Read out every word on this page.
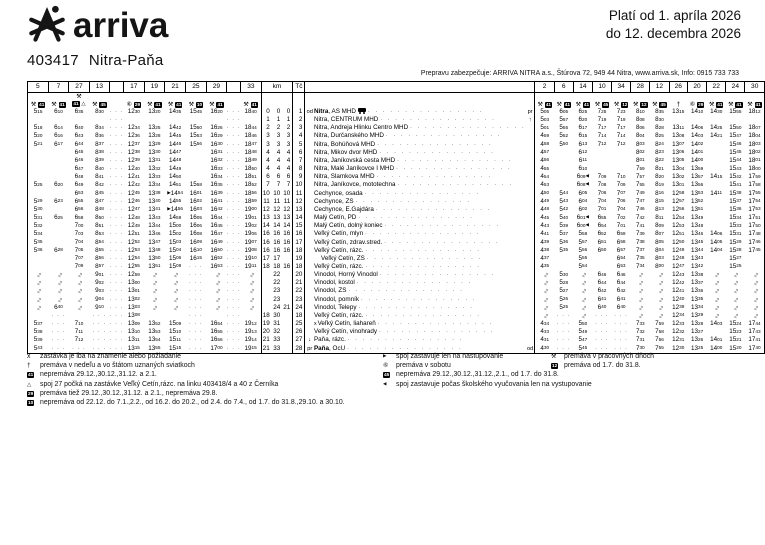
arriva
403417 Nitra-Paňa
Platí od 1. apríla 2026
do 12. decembra 2026
Prepravu zabezpečuje: ARRIVA NITRA a.s., Štúrova 72, 949 44 Nitra, www.arriva.sk, Info: 0915 733 733
5	7	27	13		17	19	21	25	29		33	km			Tč				2	6	14	10	34	28	12	26	20	22	24	30
⚒ 41	⚒ 41	⚒
41 △	⚒ 45		⑥ 29	⚒ 41	⚒ 41	⚒ 10	⚒ 41		⚒ 41								⚒ 41	⚒ 41	⚒ 41	⚒ 45	⚒ 12	⚒ 12	⚒ 45	†	⑥ 29	⚒ 41	⚒ 41	⚒ 41
$5^{15}$	$6^{10}$	$6^{35}$	$8^{30}$	· · ·	$12^{30}$	$13^{20}$	$14^{35}$	$15^{45}$	$16^{20}$	· · ·	$18^{40}$	0	0	0	1	od	Nitra, AS MHD · · · · · · · · · · · · · · · ·	pr	$5^{05}$	$6^{05}$	$6^{25}$	$7^{25}$	$7^{23}$	$8^{10}$	$8^{35}$	$13^{15}$	$14^{10}$	$14^{30}$	$15^{55}$	$18^{12}$
				· · ·						· · ·		1	1	1	2		Nitra, CENTRUM MHD · · · · · · · · · · · · · · · ·	↑	$5^{03}$	$5^{57}$	$6^{20}$	$7^{19}$	$7^{19}$	$8^{08}$	$8^{30}$					
$5^{18}$	$6^{14}$	$6^{40}$	$8^{34}$	· · ·	$12^{34}$	$13^{25}$	$14^{42}$	$15^{50}$	$16^{26}$	· · ·	$18^{44}$	2	2	2	3		Nitra, Andreja Hlinku Centro MHD · · · · · · · · · · · · · · · ·		$5^{01}$	$5^{55}$	$6^{17}$	$7^{17}$	$7^{17}$	$8^{06}$	$8^{28}$	$13^{11}$	$14^{06}$	$14^{25}$	$15^{50}$	$18^{07}$
$5^{20}$	$6^{16}$	$6^{43}$	$8^{36}$	· · ·	$12^{36}$	$13^{28}$	$14^{45}$	$15^{53}$	$16^{29}$	· · ·	$18^{46}$	3	3	3	4		Nitra, Ďurčanského MHD · · · · · · · · · · · · · · · ·		$4^{59}$	$5^{52}$	$6^{15}$	$7^{14}$	$7^{14}$	$8^{04}$	$8^{25}$	$13^{08}$	$14^{03}$	$14^{21}$	$15^{47}$	$18^{04}$
$5^{21}$	$6^{17}$	$6^{44}$	$8^{37}$	· · ·	$12^{37}$	$13^{29}$	$14^{46}$	$15^{56}$	$16^{30}$	· · ·	$18^{47}$	3	3	3	5		Nitra, Bohúňová MHD · · · · · · · · · · · · · · · ·		$4^{58}$	$5^{50}$	$6^{13}$	$7^{12}$	$7^{12}$	$8^{03}$	$8^{24}$	$13^{07}$	$14^{02}$		$15^{46}$	$18^{03}$
		$6^{45}$	$8^{38}$	· · ·	$12^{38}$	$13^{30}$	$14^{47}$		$16^{31}$	· · ·	$18^{48}$	4	4	4	6		Nitra, Mikov dvor MHD · · · · · · · · · · · · · · · ·		$4^{57}$		$6^{12}$			$8^{02}$	$8^{23}$	$13^{06}$	$14^{01}$		$15^{45}$	$18^{02}$
		$6^{46}$	$8^{39}$	· · ·	$12^{39}$	$13^{31}$	$14^{48}$		$16^{32}$	· · ·	$18^{49}$	4	4	4	7		Nitra, Janíkovská cesta MHD · · · · · · · · · · · · · · · ·		$4^{56}$		$6^{11}$			$8^{01}$	$8^{22}$	$13^{05}$	$14^{00}$		$15^{44}$	$18^{01}$
		$6^{47}$	$8^{40}$	· · ·	$12^{40}$	$13^{32}$	$14^{49}$		$16^{33}$	· · ·	$18^{50}$	4	4	4	8		Nitra, Malé Janíkovce I MHD · · · · · · · · · · · · · · · ·		$4^{55}$		$6^{10}$			$7^{59}$	$8^{21}$	$13^{04}$	$13^{59}$		$15^{43}$	$18^{00}$
		$6^{48}$	$8^{41}$	· · ·	$12^{41}$	$13^{33}$	$14^{50}$		$16^{34}$	· · ·	$18^{51}$	6	6	6	9		Nitra, Slamkova MHD · · · · · · · · · · · · · · · ·		$4^{54}$		$6^{09}◀$	$7^{09}$	$7^{10}$	$7^{57}$	$8^{20}$	$13^{02}$	$13^{57}$	$14^{15}$	$15^{42}$	$17^{59}$
$5^{25}$	$6^{20}$	$6^{49}$	$8^{42}$	· · ·	$12^{42}$	$13^{34}$	$14^{51}$	$15^{58}$	$16^{35}$	· · ·	$18^{52}$	7	7	7	10		Nitra, Janíkovce, mototechna · · · · · · · · · · · · · · · ·		$4^{53}$		$6^{08}◀$	$7^{08}$	$7^{09}$	$7^{55}$	$8^{19}$	$13^{01}$	$13^{56}$		$15^{41}$	$17^{58}$
		$6^{53}$	$8^{45}$	· · ·	$12^{45}$	$13^{38}$	$▶14^{54}$	$16^{01}$	$16^{39}$	· · ·	$18^{56}$	10	10	10	11		Čechynce, osada · · · · · · · · · · · · · · · ·		$4^{50}$	$5^{44}$	$6^{05}$	$7^{06}$	$7^{07}$	$7^{49}$	$8^{16}$	$12^{58}$	$13^{53}$	$14^{11}$	$15^{38}$	$17^{55}$
$5^{29}$	$6^{23}$	$6^{55}$	$8^{47}$	· · ·	$12^{46}$	$13^{40}$	$14^{55}$	$16^{02}$	$16^{41}$	· · ·	$18^{59}$	11	11	11	12		Čechynce, ZŠ · · · · · · · · · · · · · · · ·		$4^{49}$	$5^{43}$	$6^{04}$	$7^{04}$	$7^{06}$	$7^{47}$	$8^{15}$	$12^{57}$	$13^{52}$		$15^{37}$	$17^{54}$
$5^{30}$		$6^{56}$	$8^{48}$	· · ·	$12^{47}$	$13^{41}$	$▶14^{56}$	$16^{03}$	$16^{42}$	· · ·	$19^{00}$	12	12	12	13		Čechynce, E.Gajdára · · · · · · · · · · · · · · · ·		$4^{48}$	$5^{42}$	$6^{02}$	$7^{01}$	$7^{04}$	$7^{46}$	$8^{13}$	$12^{56}$	$13^{51}$		$15^{36}$	$17^{53}$
$5^{31}$	$6^{25}$	$6^{58}$	$8^{50}$	· · ·	$12^{48}$	$13^{43}$	$14^{59}$	$16^{05}$	$16^{44}$	· · ·	$19^{01}$	13	13	13	14		Malý Cetín, PD · · · · · · · · · · · · · · · ·		$4^{45}$	$5^{40}$	$6^{01}◀$	$6^{55}$	$7^{02}$	$7^{42}$	$8^{11}$	$12^{54}$	$13^{49}$		$15^{34}$	$17^{51}$
$5^{32}$		$7^{00}$	$8^{51}$	· · ·	$12^{49}$	$13^{44}$	$15^{00}$	$16^{06}$	$16^{45}$	· · ·	$19^{02}$	14	14	14	15		Malý Cetín, dolný koniec · · · · · · · · · · · · · · · ·		$4^{43}$	$5^{39}$	$6^{00}◀$	$6^{54}$	$7^{01}$	$7^{41}$	$8^{09}$	$12^{53}$	$13^{48}$		$15^{33}$	$17^{50}$
$5^{34}$		$7^{03}$	$8^{53}$	· · ·	$12^{51}$	$13^{46}$	$15^{02}$	$16^{08}$	$16^{47}$	· · ·	$19^{06}$	16	16	16	16		Veľký Cetín, mlyn · · · · · · · · · · · · · · · ·		$4^{41}$	$5^{37}$	$5^{58}$	$6^{52}$	$6^{59}$	$7^{39}$	$8^{07}$	$12^{51}$	$13^{46}$	$14^{06}$	$15^{31}$	$17^{48}$
$5^{35}$		$7^{04}$	$8^{54}$	· · ·	$12^{52}$	$13^{47}$	$15^{03}$	$16^{09}$	$16^{49}$	· · ·	$19^{07}$	16	16	16	17		Veľký Cetín, zdrav.stred. · · · · · · · · · · · · · · · ·		$4^{39}$	$5^{36}$	$5^{57}$	$6^{51}$	$6^{58}$	$7^{38}$	$8^{05}$	$12^{50}$	$13^{45}$	$14^{05}$	$15^{29}$	$17^{46}$
$5^{36}$	$6^{28}$	$7^{05}$	$8^{55}$	· · ·	$12^{53}$	$13^{48}$	$15^{04}$	$16^{10}$	$16^{50}$	· · ·	$19^{08}$	16	16	16	18		Veľký Cetín, rázc. · · · · · · · · · · · · · · · ·		$4^{38}$	$5^{35}$	$5^{56}$	$6^{50}$	$6^{57}$	$7^{37}$	$8^{04}$	$12^{49}$	$13^{44}$	$14^{04}$	$15^{28}$	$17^{45}$
		$7^{07}$	$8^{56}$	· · ·	$12^{54}$	$13^{50}$	$15^{06}$	$16^{15}$	$16^{52}$	· · ·	$19^{10}$	17	17		19		Veľký Cetín, ZŠ · · · · · · · · · · · · · · · ·		$4^{37}$		$5^{55}$		$6^{54}$	$7^{35}$	$8^{03}$	$12^{48}$	$13^{43}$		$15^{27}$	
		$7^{09}$	$8^{57}$	· · ·	$12^{55}$	$13^{51}$	$15^{08}$	· · ·	$16^{53}$	· · ·	$19^{11}$	18	18	16	18		Veľký Cetín, rázc. · · · · · · · · · · · · · · · ·		$4^{35}$		$5^{54}$		$6^{53}$	$7^{34}$	$8^{00}$	$12^{47}$	$13^{42}$		$15^{25}$	
∿	∿	∿	$9^{01}$	· · ·	$12^{59}$	∿	∿	· · ·	∿	· · ·	∿		22		20		Vinodol, Horný Vinodol · · · · · · · · · · · · · · · ·		∿	$5^{30}$	∿	$6^{46}$	$6^{46}$	∿	∿	$12^{43}$	$13^{38}$	∿	∿	∿
∿	∿	∿	$9^{02}$	· · ·	$13^{00}$	∿	∿	· · ·	∿	· · ·	∿		22		21		Vinodol, kostol · · · · · · · · · · · · · · · ·		∿	$5^{28}$	∿	$6^{44}$	$6^{44}$	∿	∿	$12^{42}$	$13^{37}$	∿	∿	∿
∿	∿	∿	$9^{03}$	· · ·	$13^{01}$	∿	∿	· · ·	∿	· · ·	∿		23		22		Vinodol, ZŠ · · · · · · · · · · · · · · · ·		∿	$5^{27}$	∿	$6^{42}$	$6^{42}$	∿	∿	$12^{41}$	$13^{36}$	∿	∿	∿
∿	∿	∿	$9^{04}$	· · ·	$13^{02}$	∿	∿	· · ·	∿	· · ·	∿		23		23		Vinodol, pomník · · · · · · · · · · · · · · · ·		∿	$5^{26}$	∿	$6^{41}$	$6^{41}$	∿	∿	$12^{40}$	$13^{35}$	∿	∿	∿
∿	$6^{40}$	∿	$9^{10}$	· · ·	$13^{03}$	∿	∿	· · ·	∿	· · ·	∿		24	21	24		Vinodol, Telepy · · · · · · · · · · · · · · · ·		∿	$5^{25}$	∿	$6^{40}$	$6^{40}$	∿	∿	$12^{39}$	$13^{34}$	∿	∿	∿
	· · ·		· · ·	· · ·	$13^{08}$			· · ·		· · ·		18	30		18		Veľký Cetín, rázc. · · · · · · · · · · · · · · · ·		∿	· · ·	∿	· · ·	· · ·	∿	∿	$12^{34}$	$13^{29}$	∿	∿	∿
$5^{37}$	· · ·	$7^{10}$	· · ·	· · ·	$13^{09}$	$13^{52}$	$15^{09}$	· · ·	$16^{54}$	· · ·	$19^{12}$	19	31		25		x Veľký Cetín, liahareň · · · · · · · · · · · · · · · ·		$4^{34}$	· · ·	$5^{50}$	· · ·	· · ·	$7^{33}$	$7^{59}$	$12^{33}$	$13^{28}$	$14^{03}$	$15^{24}$	$17^{44}$
$5^{38}$	· · ·	$7^{11}$	· · ·	· · ·	$13^{10}$	$13^{53}$	$15^{10}$	· · ·	$16^{55}$	· · ·	$19^{13}$	20	32		26		Veľký Cetín, vinohrady · · · · · · · · · · · · · · · ·		$4^{33}$	· · ·	$5^{49}$	· · ·	· · ·	$7^{32}$	$7^{58}$	$12^{32}$	$13^{27}$		$15^{23}$	$17^{43}$
$5^{39}$	· · ·	$7^{12}$	· · ·	· · ·	$13^{11}$	$13^{54}$	$15^{11}$	· · ·	$16^{56}$	· · ·	$19^{14}$	21	33		27	↓	Paňa, rázc. · · · · · · · · · · · · · · · ·		$4^{31}$	· · ·	$5^{47}$	· · ·	· · ·	$7^{31}$	$7^{56}$	$12^{31}$	$13^{26}$	$14^{01}$	$15^{21}$	$17^{41}$
$5^{43}$	· · ·	· · ·	· · ·	· · ·	$13^{15}$	$13^{55}$	$15^{15}$	· · ·	$17^{00}$	· · ·	$19^{15}$	21	33		28	pr	Paňa, OcÚ · · · · · · · · · · · · · · · ·	od	$4^{30}$	· · ·	$5^{45}$	· · ·	· · ·	$7^{30}$	$7^{55}$	$12^{30}$	$13^{25}$	$14^{00}$	$15^{20}$	$17^{40}$
x zastávka je iba na znamenie alebo požiadanie
† premáva v nedeľu a vo štátom uznaných sviatkoch
41 nepremáva 29.12.,30.12.,31.12. a 2.1.
△ spoj 27 počká na zastávke Veľký Cetín,rázc. na linku 403418/4 a 40 z Černíka
29 premáva tiež 29.12.,30.12.,31.12. a 2.1., nepremáva 29.8.
10 nepremáva od 22.12. do 7.1.,2.2., od 16.2. do 20.2., od 2.4. do 7.4., od 1.7. do 31.8.,29.10. a 30.10.
▶ spoj zastavuje len na nastupovanie
⑥ premáva v sobotu
45 nepremáva 29.12.,30.12.,31.12.,2.1., od 1.7. do 31.8.
◀ spoj zastavuje počas školského vyučovania len na vystupovanie
⚒ premáva v pracovných dňoch
12 premáva od 1.7. do 31.8.
